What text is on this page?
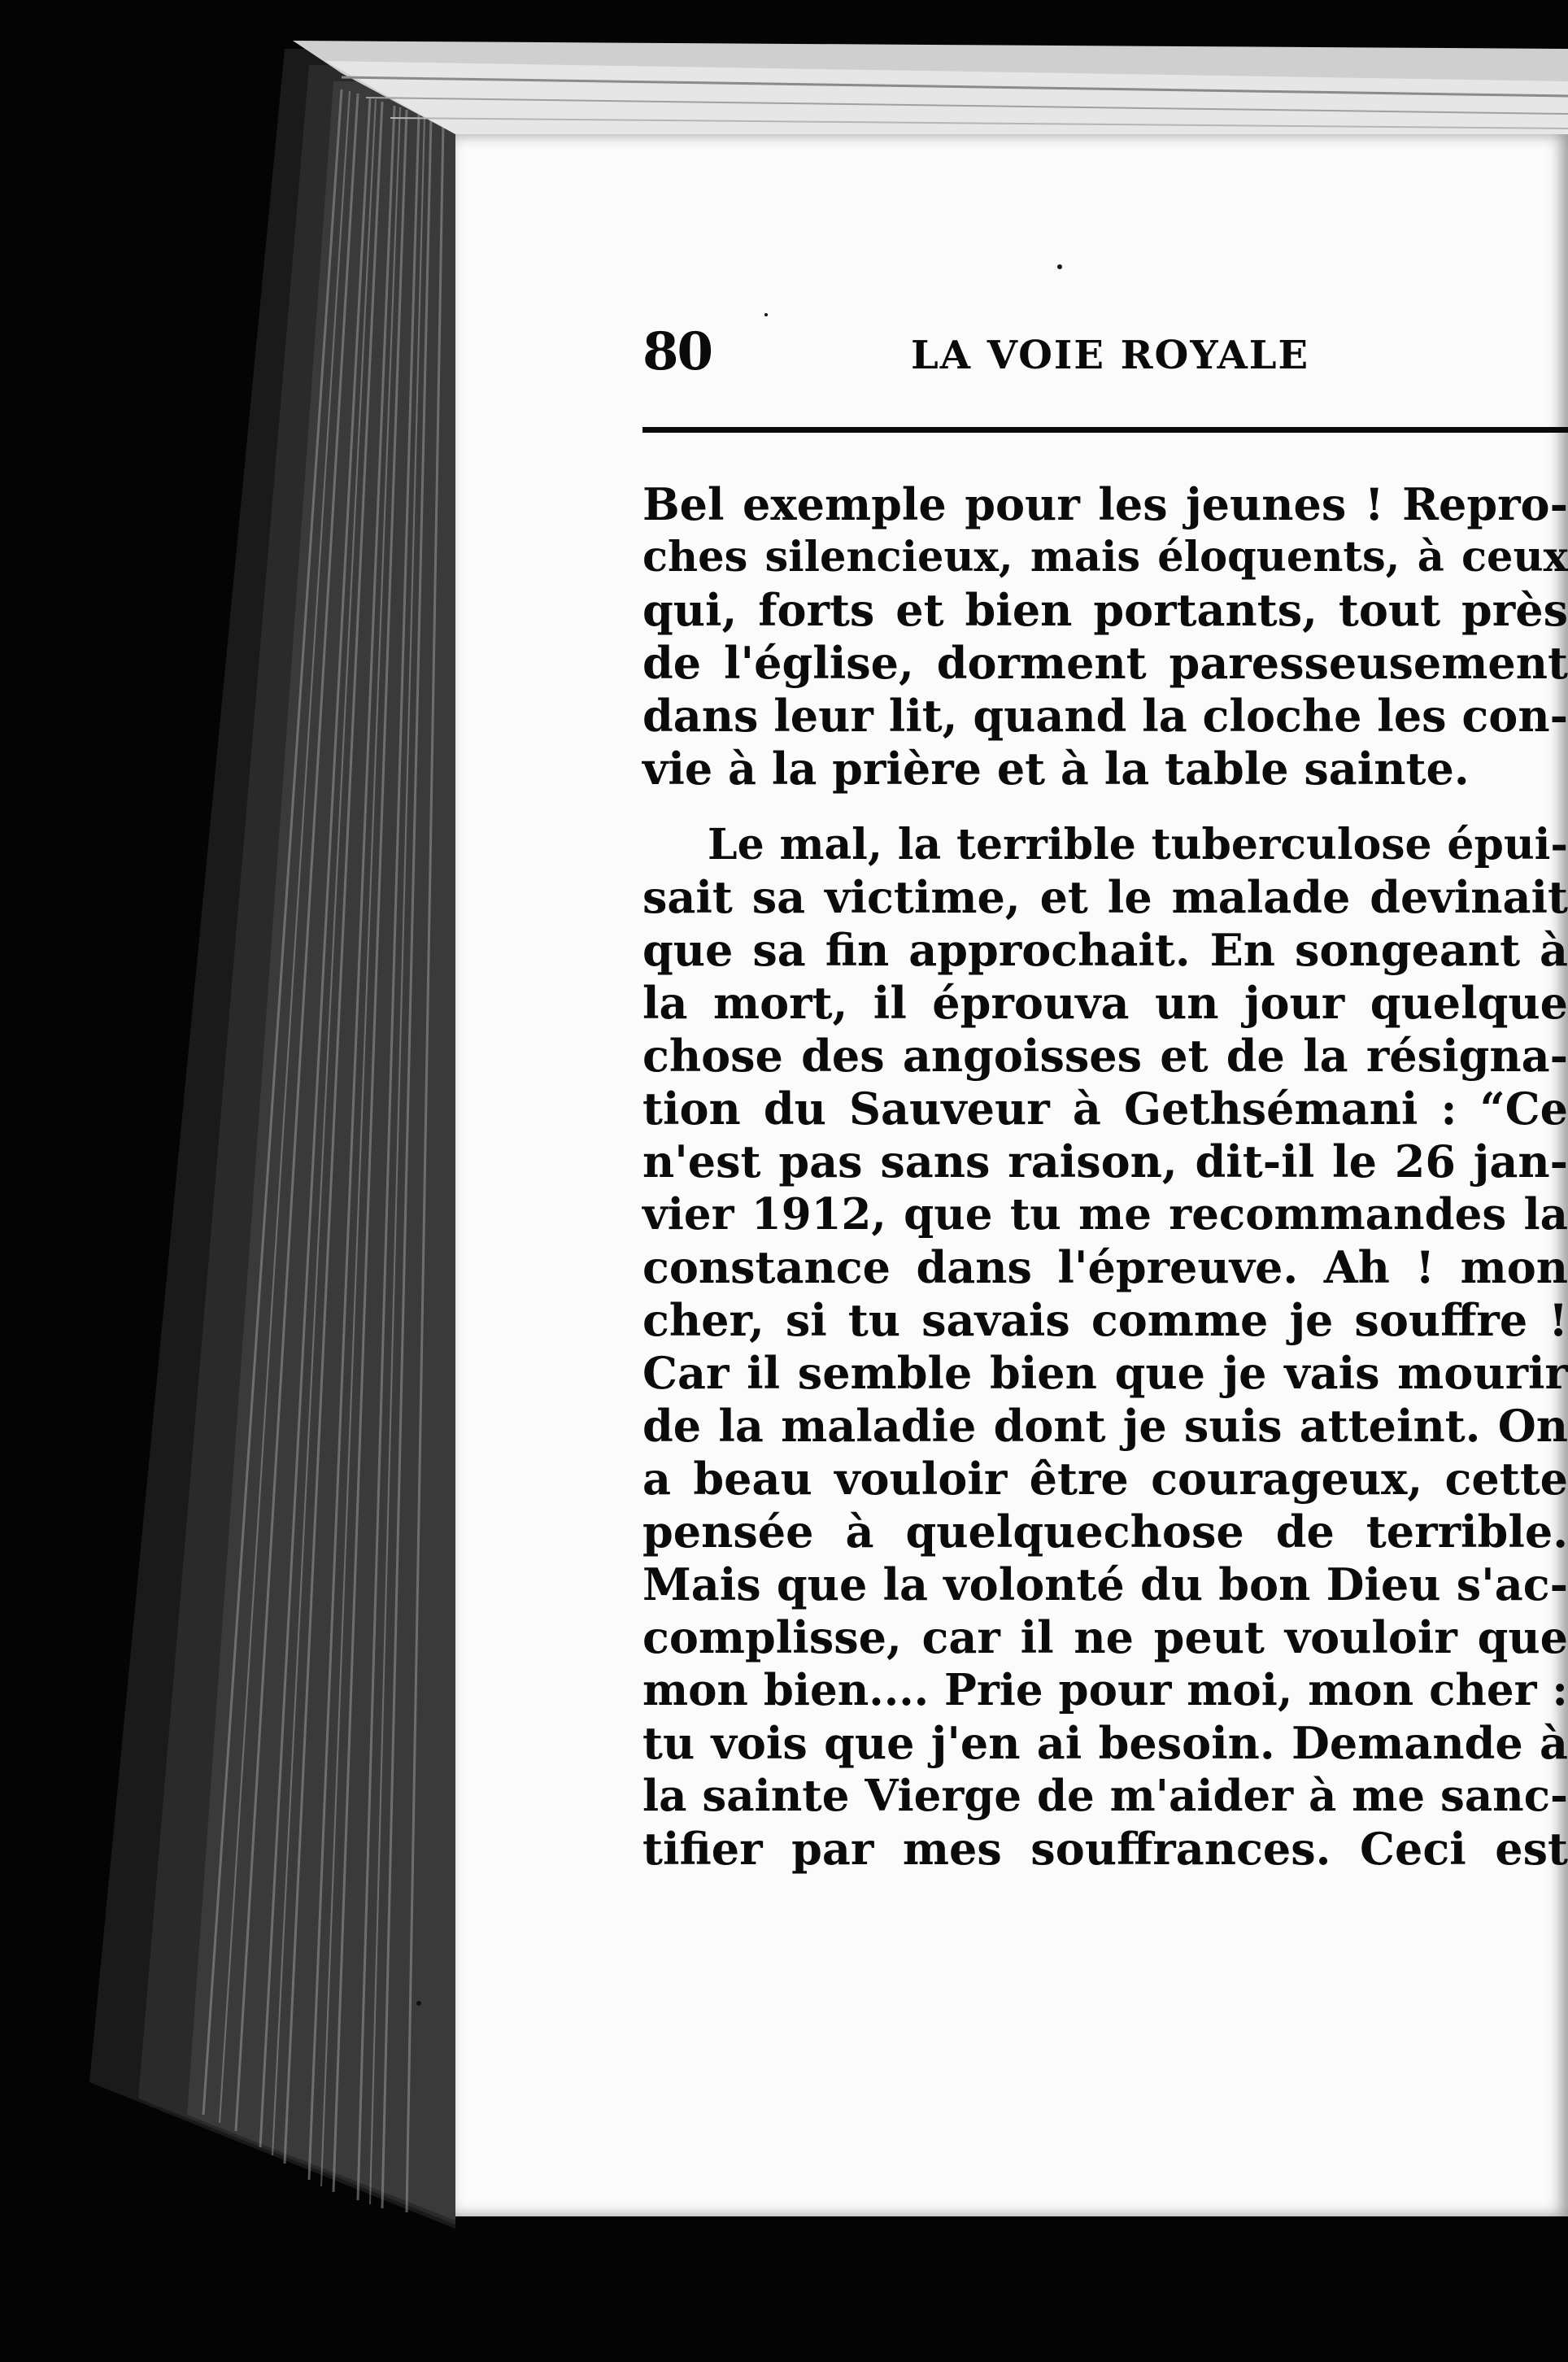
80	LA VOIE ROYALE
Bel exemple pour les jeunes ! Repro-
ches silencieux, mais éloquents, à ceux
qui, forts et bien portants, tout près
de l'église, dorment paresseusement
dans leur lit, quand la cloche les con-
vie à la prière et à la table sainte.
Le mal, la terrible tuberculose épui-
sait sa victime, et le malade devinait
que sa fin approchait. En songeant à
la mort, il éprouva un jour quelque
chose des angoisses et de la résigna-
tion du Sauveur à Gethsémani : “Ce
n'est pas sans raison, dit-il le 26 jan-
vier 1912, que tu me recommandes la
constance dans l'épreuve. Ah ! mon
cher, si tu savais comme je souffre !
Car il semble bien que je vais mourir
de la maladie dont je suis atteint. On
a beau vouloir être courageux, cette
pensée à quelquechose de terrible.
Mais que la volonté du bon Dieu s'ac-
complisse, car il ne peut vouloir que
mon bien.... Prie pour moi, mon cher :
tu vois que j'en ai besoin. Demande à
la sainte Vierge de m'aider à me sanc-
tifier par mes souffrances. Ceci est
